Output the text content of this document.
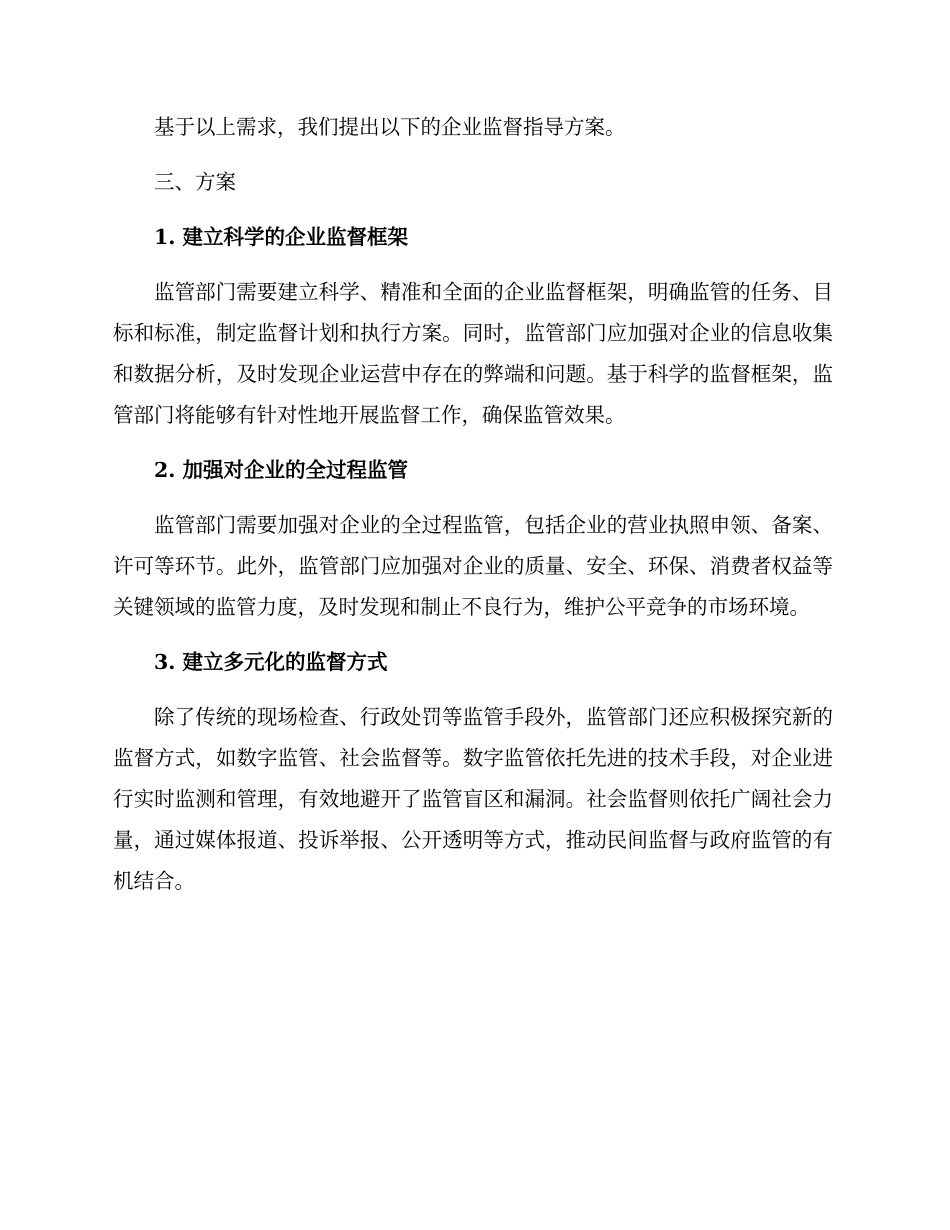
基于以上需求，我们提出以下的企业监督指导方案。

三、方案

1. 建立科学的企业监督框架

监管部门需要建立科学、精准和全面的企业监督框架，明确监管的任务、目标和标准，制定监督计划和执行方案。同时，监管部门应加强对企业的信息收集和数据分析，及时发现企业运营中存在的弊端和问题。基于科学的监督框架，监管部门将能够有针对性地开展监督工作，确保监管效果。

2. 加强对企业的全过程监管

监管部门需要加强对企业的全过程监管，包括企业的营业执照申领、备案、许可等环节。此外，监管部门应加强对企业的质量、安全、环保、消费者权益等关键领域的监管力度，及时发现和制止不良行为，维护公平竞争的市场环境。

3. 建立多元化的监督方式

除了传统的现场检查、行政处罚等监管手段外，监管部门还应积极探究新的监督方式，如数字监管、社会监督等。数字监管依托先进的技术手段，对企业进行实时监测和管理，有效地避开了监管盲区和漏洞。社会监督则依托广阔社会力量，通过媒体报道、投诉举报、公开透明等方式，推动民间监督与政府监管的有机结合。
